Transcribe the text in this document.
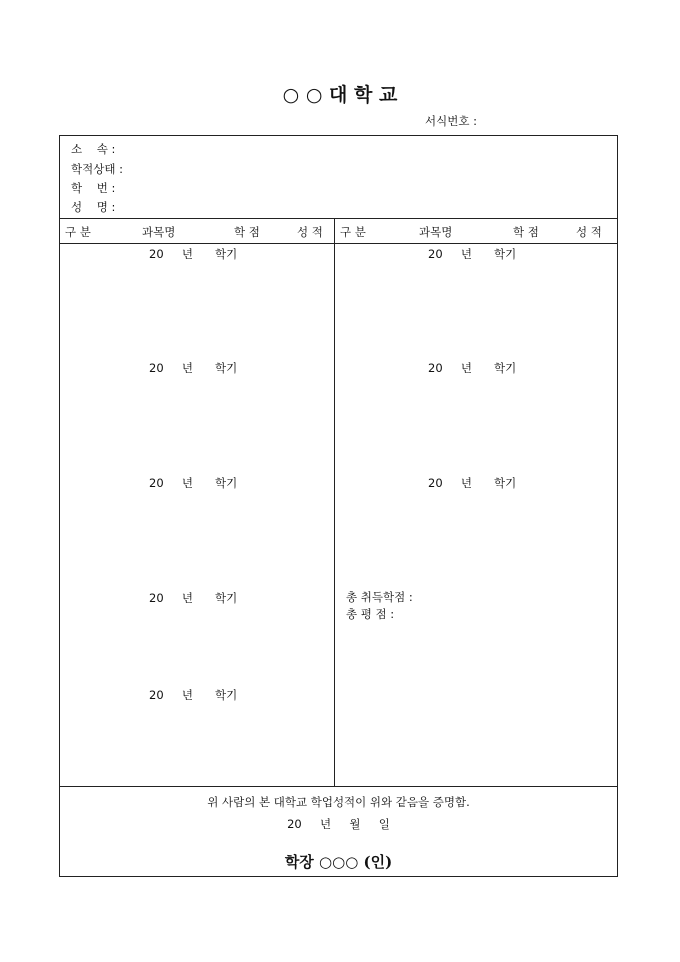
○ ○ 대 학 교
서식번호 :
소    속 :
학적상태 :
학    번 :
성    명 :
구 분	과목명	학 점	성 적 구 분	과목명	학 점	성 적
20 년 학기
20 년 학기
20 년 학기
20 년 학기
20 년 학기
20 년 학기
20 년 학기
20 년 학기
총 취득학점 :
총 평 점 :
위 사람의 본 대학교 학업성적이 위와 같음을 증명함.
20     년     월     일
학장 ○○○ (인)
